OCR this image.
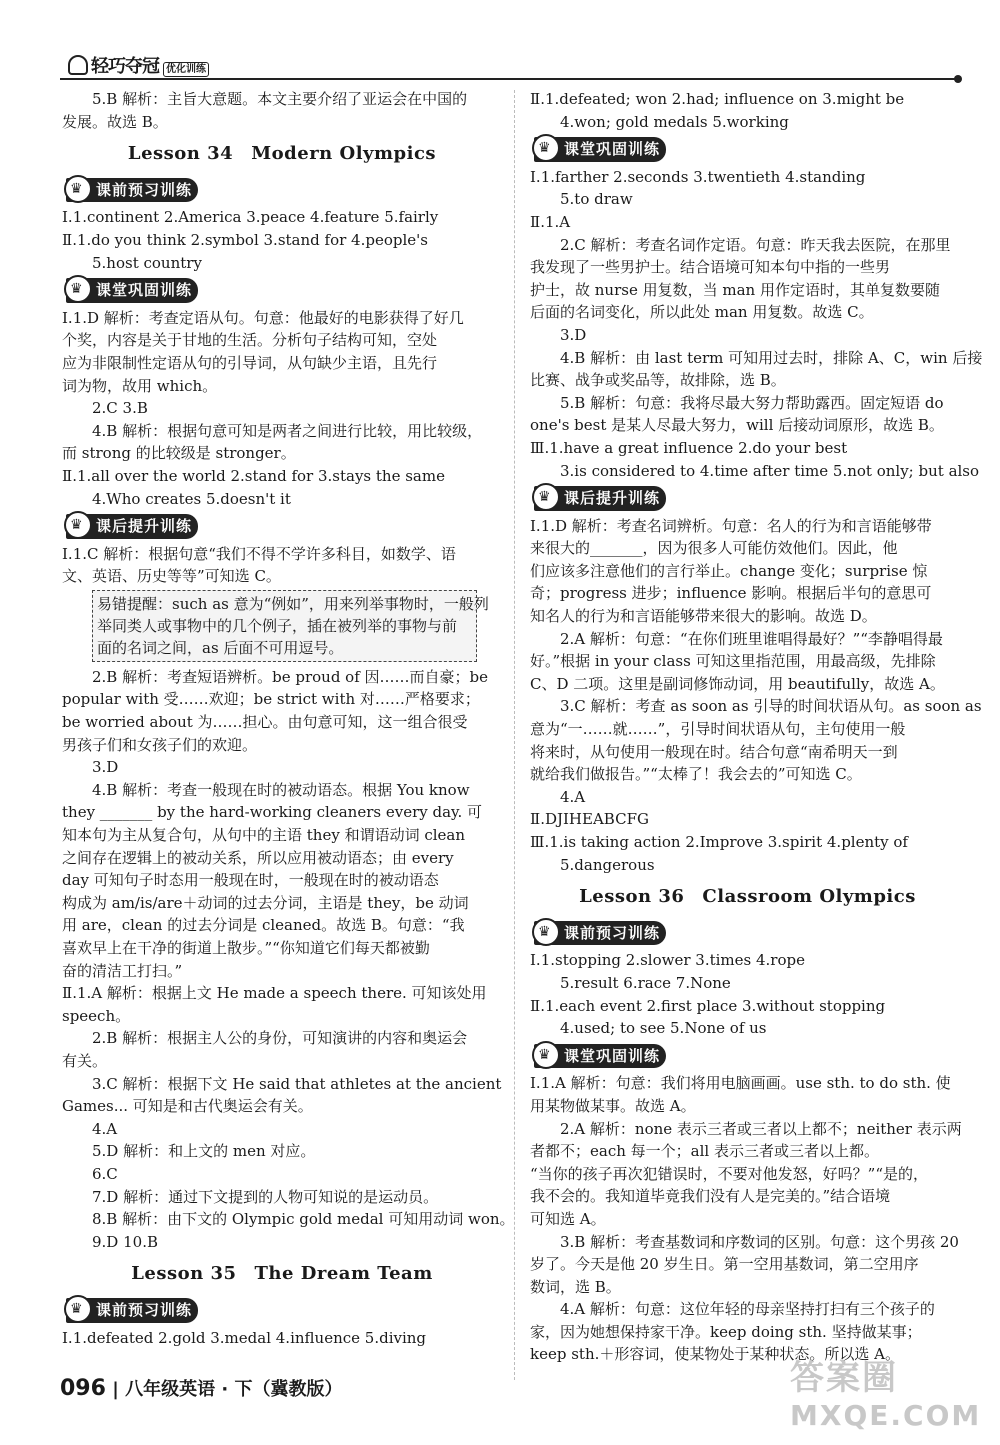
轻巧夺冠 优化训练
5.B 解析：主旨大意题。本文主要介绍了亚运会在中国的
发展。故选 B。
Lesson 34 Modern Olympics
♛
课前预习训练
Ⅰ.1.continent 2.America 3.peace 4.feature 5.fairly
Ⅱ.1.do you think 2.symbol 3.stand for 4.people's
5.host country
♛
课堂巩固训练
Ⅰ.1.D 解析：考查定语从句。句意：他最好的电影获得了好几
个奖，内容是关于甘地的生活。分析句子结构可知，空处
应为非限制性定语从句的引导词，从句缺少主语，且先行
词为物，故用 which。
2.C 3.B
4.B 解析：根据句意可知是两者之间进行比较，用比较级，
而 strong 的比较级是 stronger。
Ⅱ.1.all over the world 2.stand for 3.stays the same
4.Who creates 5.doesn't it
♛
课后提升训练
Ⅰ.1.C 解析：根据句意“我们不得不学许多科目，如数学、语
文、英语、历史等等”可知选 C。
易错提醒：such as 意为“例如”，用来列举事物时，一般列
举同类人或事物中的几个例子，插在被列举的事物与前
面的名词之间，as 后面不可用逗号。
2.B 解析：考查短语辨析。be proud of 因……而自豪；be
popular with 受……欢迎；be strict with 对……严格要求；
be worried about 为……担心。由句意可知，这一组合很受
男孩子们和女孩子们的欢迎。
3.D
4.B 解析：考查一般现在时的被动语态。根据 You know
they _______ by the hard-working cleaners every day. 可
知本句为主从复合句，从句中的主语 they 和谓语动词 clean
之间存在逻辑上的被动关系，所以应用被动语态；由 every
day 可知句子时态用一般现在时，一般现在时的被动语态
构成为 am/is/are＋动词的过去分词，主语是 they，be 动词
用 are，clean 的过去分词是 cleaned。故选 B。句意：“我
喜欢早上在干净的街道上散步。”“你知道它们每天都被勤
奋的清洁工打扫。”
Ⅱ.1.A 解析：根据上文 He made a speech there. 可知该处用
speech。
2.B 解析：根据主人公的身份，可知演讲的内容和奥运会
有关。
3.C 解析：根据下文 He said that athletes at the ancient
Games... 可知是和古代奥运会有关。
4.A
5.D 解析：和上文的 men 对应。
6.C
7.D 解析：通过下文提到的人物可知说的是运动员。
8.B 解析：由下文的 Olympic gold medal 可知用动词 won。
9.D 10.B
Lesson 35 The Dream Team
♛
课前预习训练
Ⅰ.1.defeated 2.gold 3.medal 4.influence 5.diving
Ⅱ.1.defeated; won 2.had; influence on 3.might be
4.won; gold medals 5.working
♛
课堂巩固训练
Ⅰ.1.farther 2.seconds 3.twentieth 4.standing
5.to draw
Ⅱ.1.A
2.C 解析：考查名词作定语。句意：昨天我去医院，在那里
我发现了一些男护士。结合语境可知本句中指的一些男
护士，故 nurse 用复数，当 man 用作定语时，其单复数要随
后面的名词变化，所以此处 man 用复数。故选 C。
3.D
4.B 解析：由 last term 可知用过去时，排除 A、C，win 后接
比赛、战争或奖品等，故排除，选 B。
5.B 解析：句意：我将尽最大努力帮助露西。固定短语 do
one's best 是某人尽最大努力，will 后接动词原形，故选 B。
Ⅲ.1.have a great influence 2.do your best
3.is considered to 4.time after time 5.not only; but also
♛
课后提升训练
Ⅰ.1.D 解析：考查名词辨析。句意：名人的行为和言语能够带
来很大的_______，因为很多人可能仿效他们。因此，他
们应该多注意他们的言行举止。change 变化；surprise 惊
奇；progress 进步；influence 影响。根据后半句的意思可
知名人的行为和言语能够带来很大的影响。故选 D。
2.A 解析：句意：“在你们班里谁唱得最好？”“李静唱得最
好。”根据 in your class 可知这里指范围，用最高级，先排除
C、D 二项。这里是副词修饰动词，用 beautifully，故选 A。
3.C 解析：考查 as soon as 引导的时间状语从句。as soon as
意为“一……就……”，引导时间状语从句，主句使用一般
将来时，从句使用一般现在时。结合句意“南希明天一到
就给我们做报告。”“太棒了！我会去的”可知选 C。
4.A
Ⅱ.DJIHEABCFG
Ⅲ.1.is taking action 2.Improve 3.spirit 4.plenty of
5.dangerous
Lesson 36 Classroom Olympics
♛
课前预习训练
Ⅰ.1.stopping 2.slower 3.times 4.rope
5.result 6.race 7.None
Ⅱ.1.each event 2.first place 3.without stopping
4.used; to see 5.None of us
♛
课堂巩固训练
Ⅰ.1.A 解析：句意：我们将用电脑画画。use sth. to do sth. 使
用某物做某事。故选 A。
2.A 解析：none 表示三者或三者以上都不；neither 表示两
者都不；each 每一个；all 表示三者或三者以上都。
“当你的孩子再次犯错误时，不要对他发怒，好吗？”“是的，
我不会的。我知道毕竟我们没有人是完美的。”结合语境
可知选 A。
3.B 解析：考查基数词和序数词的区别。句意：这个男孩 20
岁了。今天是他 20 岁生日。第一空用基数词，第二空用序
数词，选 B。
4.A 解析：句意：这位年轻的母亲坚持打扫有三个孩子的
家，因为她想保持家干净。keep doing sth. 坚持做某事；
keep sth.＋形容词，使某物处于某种状态。所以选 A。
096 | 八年级英语 · 下（冀教版）	答案圈
MXQE.COM
